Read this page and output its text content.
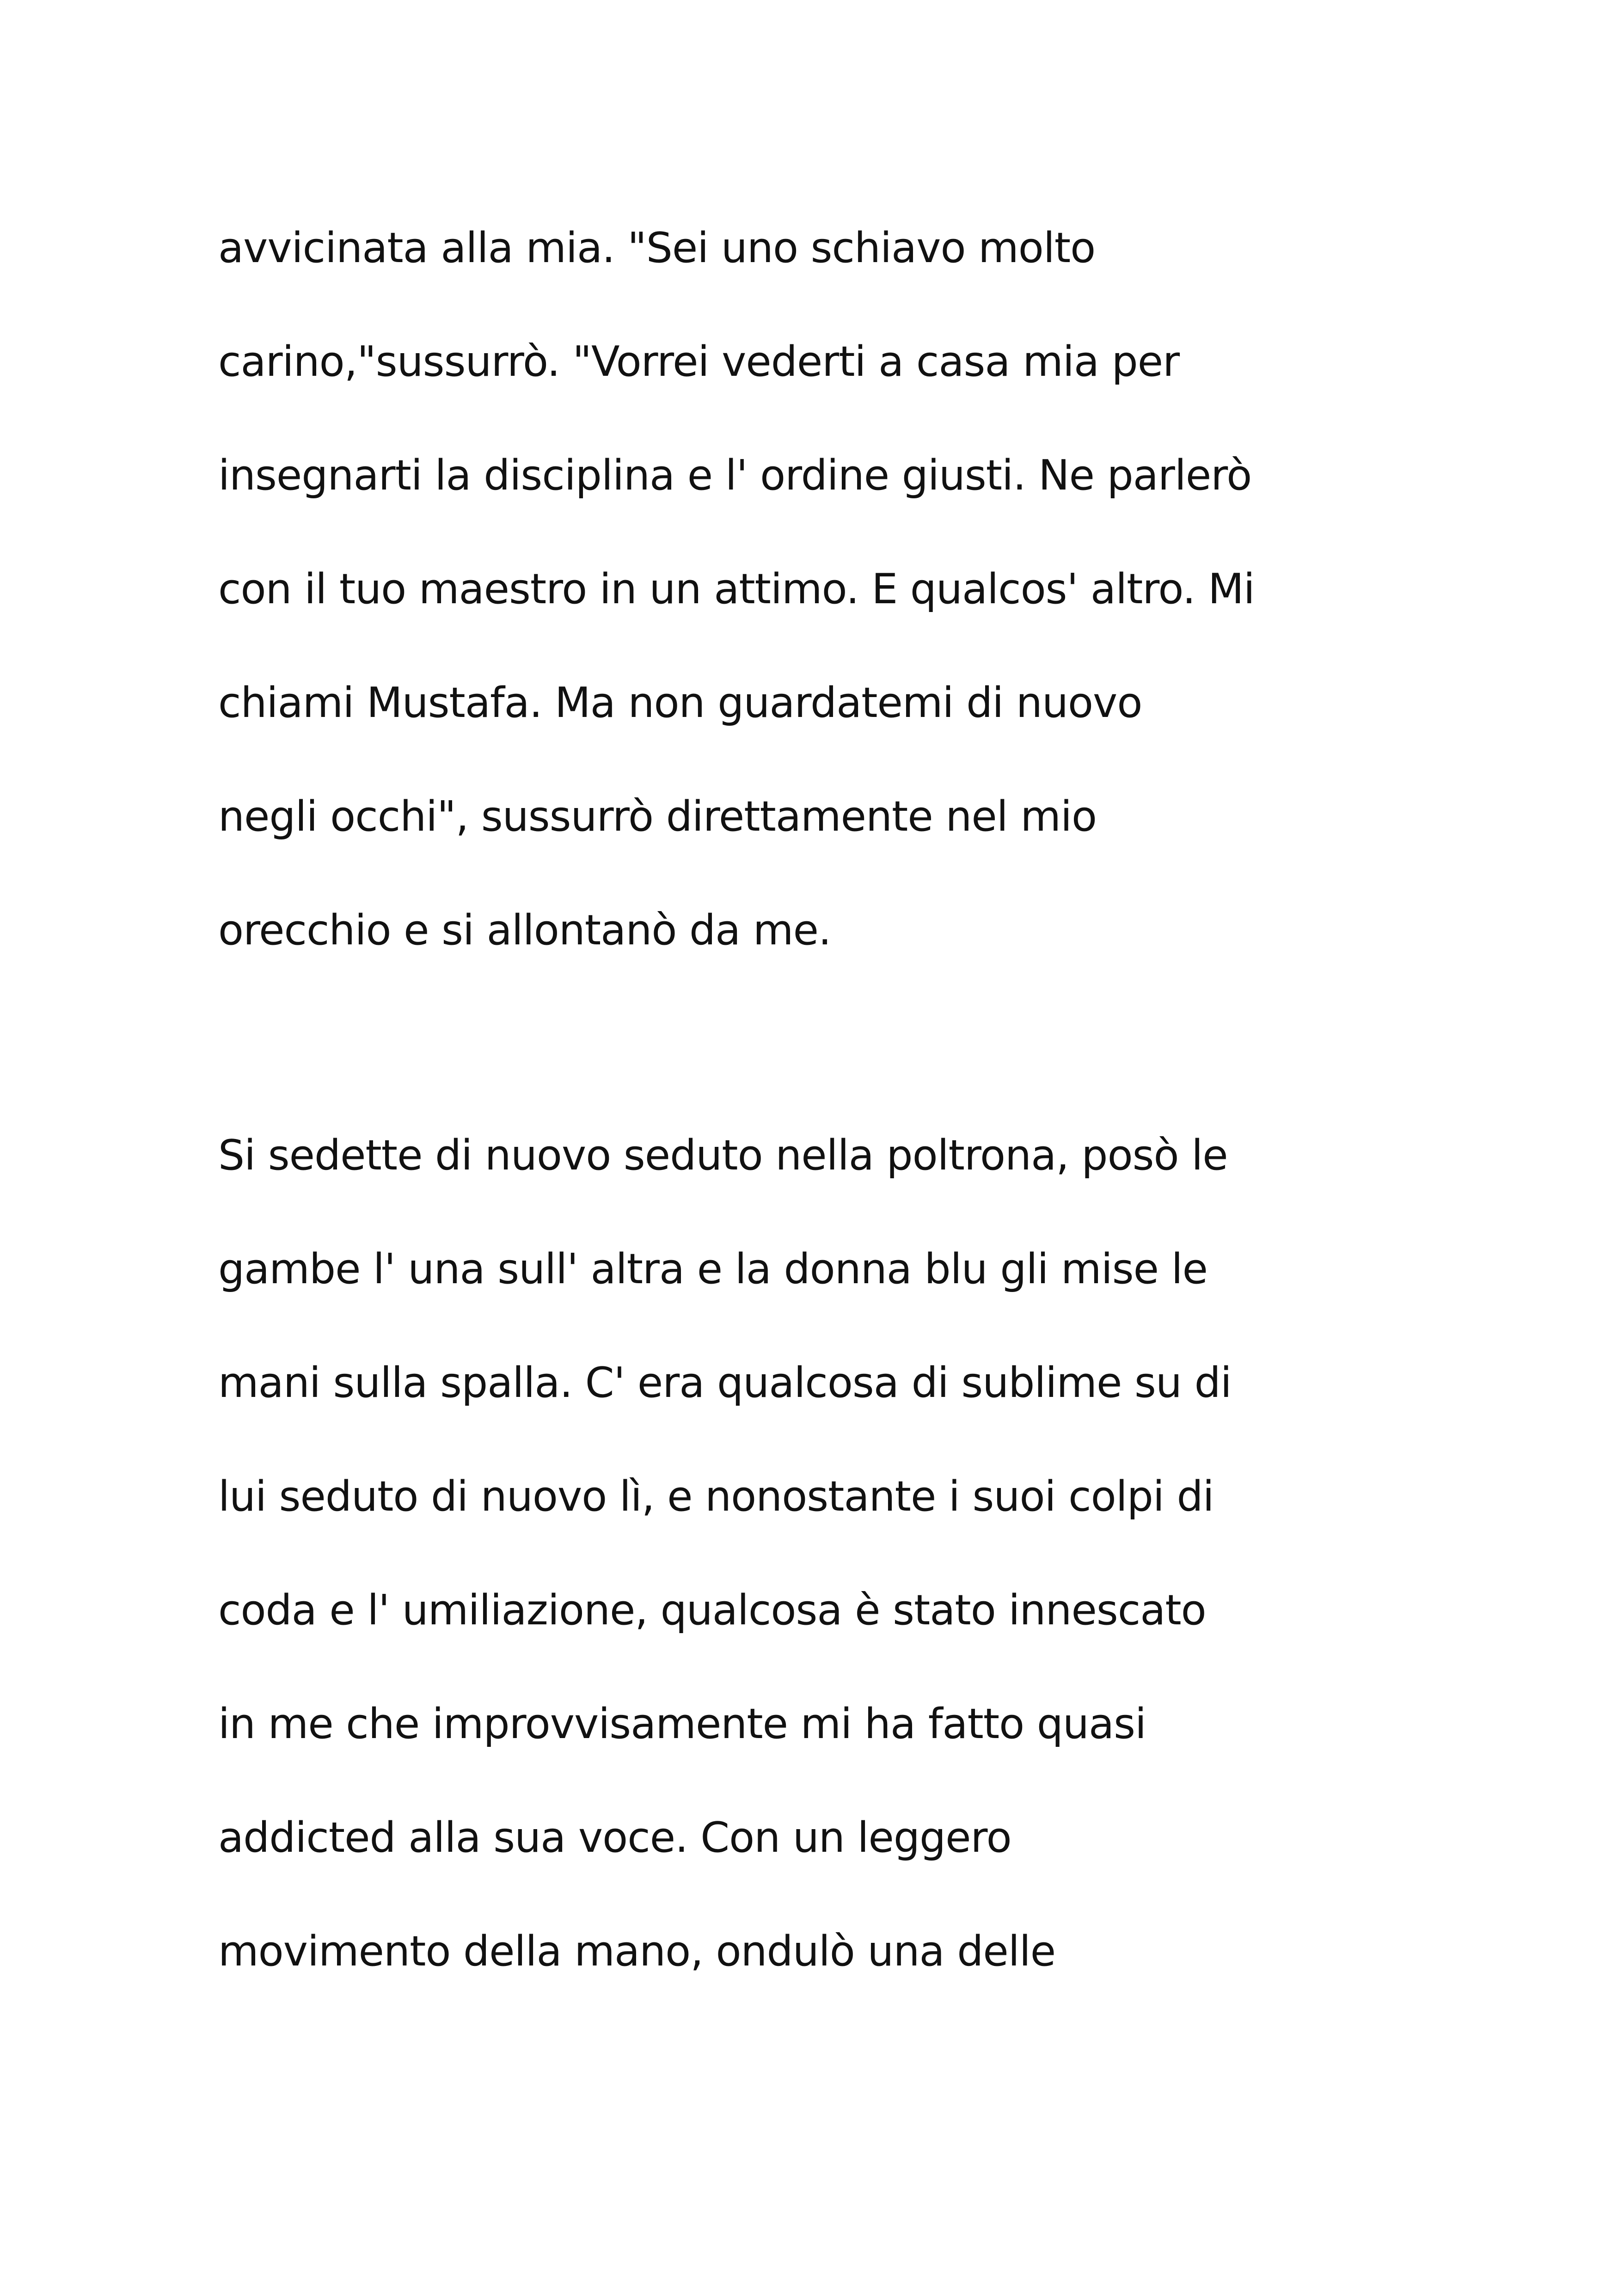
avvicinata alla mia. "Sei uno schiavo molto
carino,"sussurrò. "Vorrei vederti a casa mia per
insegnarti la disciplina e l' ordine giusti. Ne parlerò
con il tuo maestro in un attimo. E qualcos' altro. Mi
chiami Mustafa. Ma non guardatemi di nuovo
negli occhi", sussurrò direttamente nel mio
orecchio e si allontanò da me.
Si sedette di nuovo seduto nella poltrona, posò le
gambe l' una sull' altra e la donna blu gli mise le
mani sulla spalla. C' era qualcosa di sublime su di
lui seduto di nuovo lì, e nonostante i suoi colpi di
coda e l' umiliazione, qualcosa è stato innescato
in me che improvvisamente mi ha fatto quasi
addicted alla sua voce. Con un leggero
movimento della mano, ondulò una delle
